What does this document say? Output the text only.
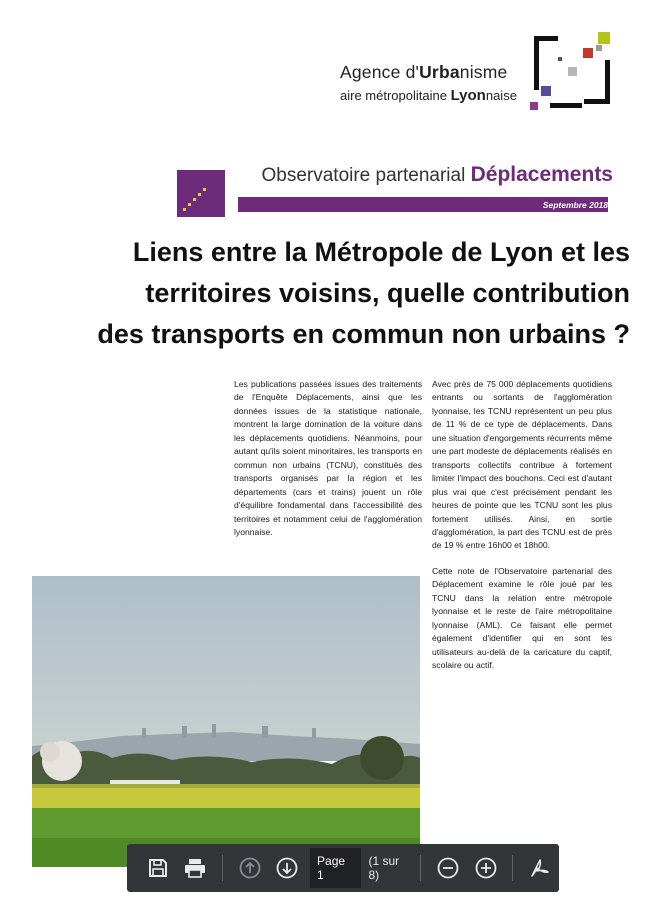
Agence d'Urbanisme
aire métropolitaine Lyonnaise
Observatoire partenarial Déplacements
Septembre 2018
Liens entre la Métropole de Lyon et les
territoires voisins, quelle contribution
des transports en commun non urbains ?

Les publications passées issues des traitements de l'Enquête Déplacements, ainsi que les données issues de la statistique nationale, montrent la large domination de la voiture dans les déplacements quotidiens. Néanmoins, pour autant qu'ils soient minoritaires, les transports en commun non urbains (TCNU), constitués des transports organisés par la région et les départements (cars et trains) jouent un rôle d'équilibre fondamental dans l'accessibilité des territoires et notamment celui de l'agglomération lyonnaise.

Avec près de 75 000 déplacements quotidiens entrants ou sortants de l'agglomération lyonnaise, les TCNU représentent un peu plus de 11 % de ce type de déplacements. Dans une situation d'engorgements récurrents même une part modeste de déplacements réalisés en transports collectifs contribue à fortement limiter l'impact des bouchons. Ceci est d'autant plus vrai que c'est précisément pendant les heures de pointe que les TCNU sont les plus fortement utilisés. Ainsi, en sortie d'agglomération, la part des TCNU est de près de 19 % entre 16h00 et 18h00.

Cette note de l'Observatoire partenarial des Déplacement examine le rôle joué par les TCNU dans la relation entre métropole lyonnaise et le reste de l'aire métropolitaine lyonnaise (AML). Ce faisant elle permet également d'identifier qui en sont les utilisateurs au-delà de la caricature du captif, scolaire ou actif.

Page 1
(1 sur 8)
